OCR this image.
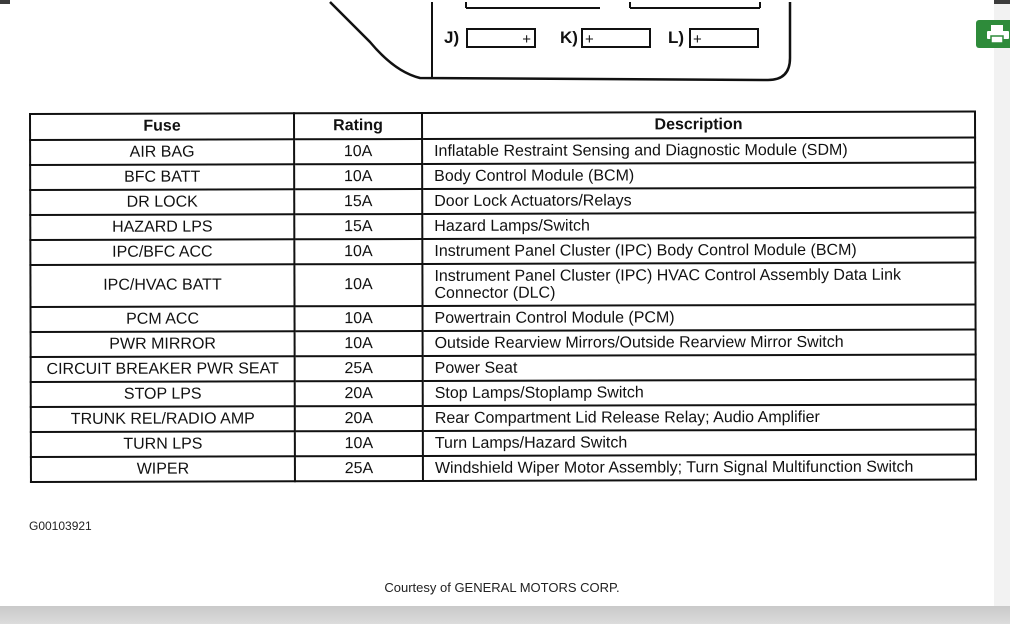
J)	+ K) +	L) +
Fuse	Rating	Description
AIR BAG	10A	Inflatable Restraint Sensing and Diagnostic Module (SDM)
BFC BATT	10A	Body Control Module (BCM)
DR LOCK	15A	Door Lock Actuators/Relays
HAZARD LPS	15A	Hazard Lamps/Switch
IPC/BFC ACC	10A	Instrument Panel Cluster (IPC) Body Control Module (BCM)
IPC/HVAC BATT	10A	Instrument Panel Cluster (IPC) HVAC Control Assembly Data Link Connector (DLC)
PCM ACC	10A	Powertrain Control Module (PCM)
PWR MIRROR	10A	Outside Rearview Mirrors/Outside Rearview Mirror Switch
CIRCUIT BREAKER PWR SEAT	25A	Power Seat
STOP LPS	20A	Stop Lamps/Stoplamp Switch
TRUNK REL/RADIO AMP	20A	Rear Compartment Lid Release Relay; Audio Amplifier
TURN LPS	10A	Turn Lamps/Hazard Switch
WIPER	25A	Windshield Wiper Motor Assembly; Turn Signal Multifunction Switch
G00103921
Courtesy of GENERAL MOTORS CORP.
